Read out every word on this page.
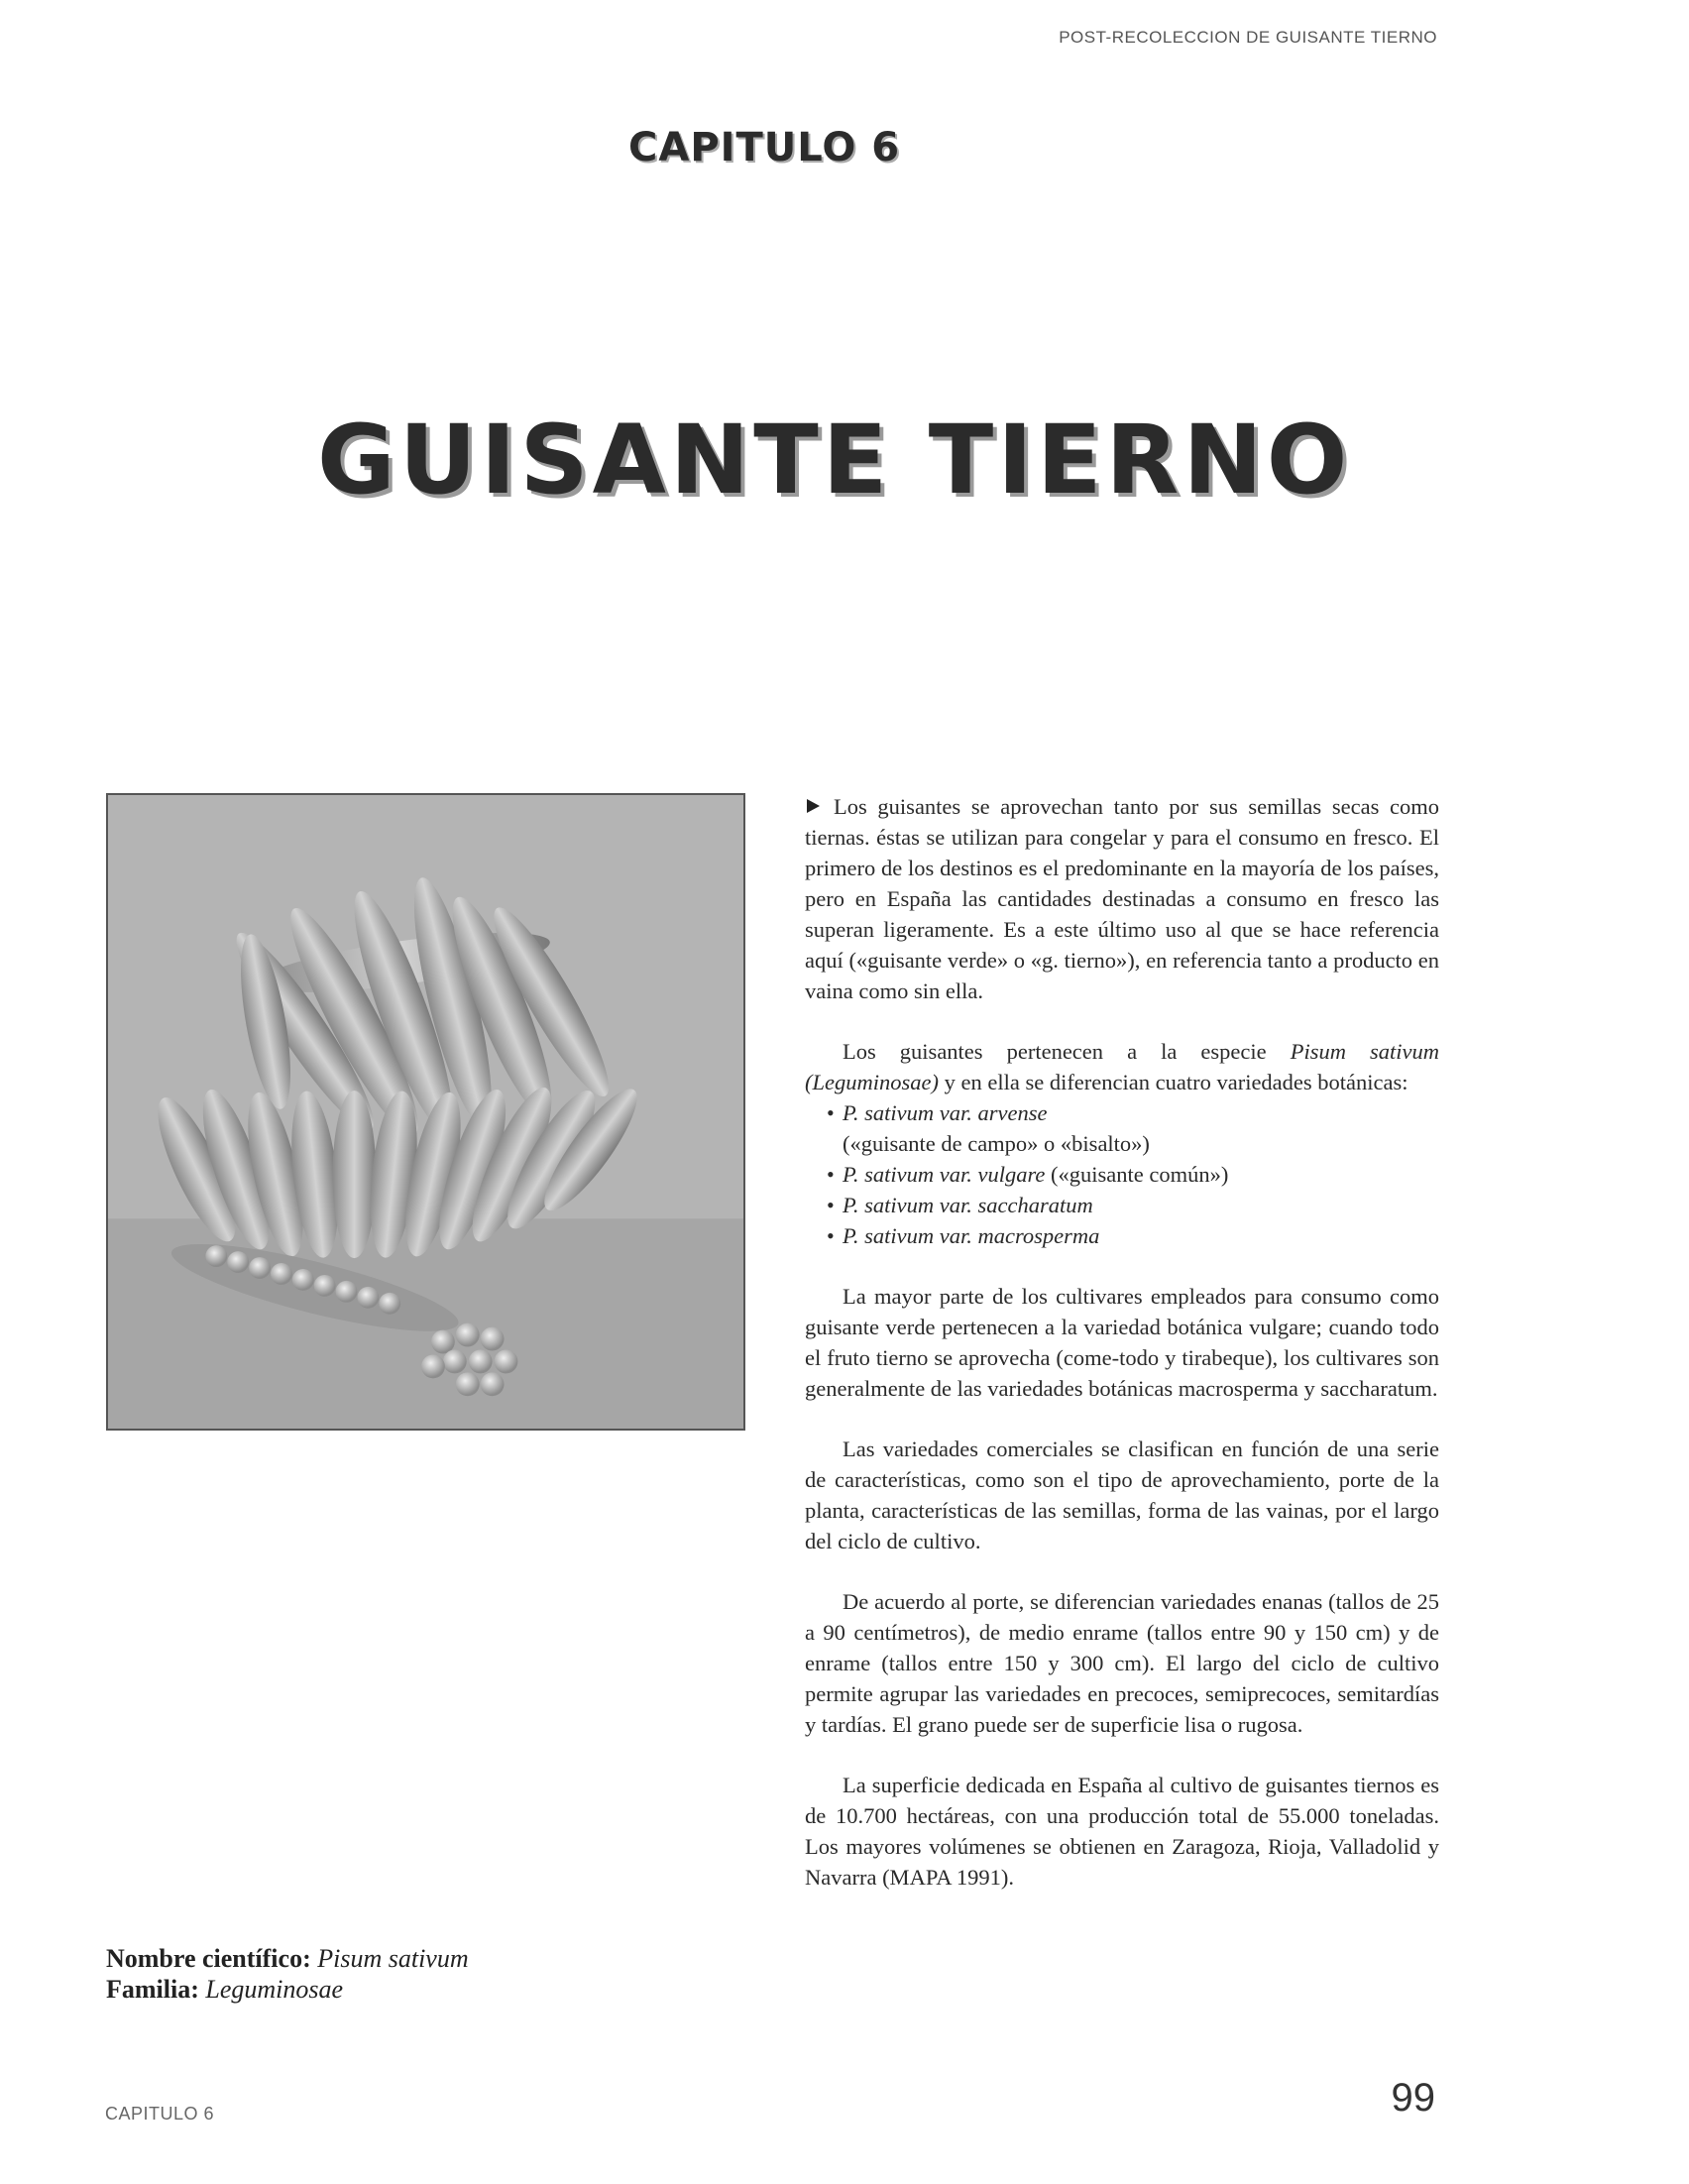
POST-RECOLECCION DE GUISANTE TIERNO
CAPITULO 6
GUISANTE TIERNO

Los guisantes se aprovechan tanto por sus semillas secas como tiernas. éstas se utilizan para congelar y para el consumo en fresco. El primero de los destinos es el predominante en la mayoría de los países, pero en España las cantidades destinadas a consumo en fresco las superan ligeramente. Es a este último uso al que se hace referencia aquí («guisante verde» o «g. tierno»), en referencia tanto a producto en vaina como sin ella.

Los guisantes pertenecen a la especie Pisum sativum (Leguminosae) y en ella se diferencian cuatro variedades botánicas:

• P. sativum var. arvense
(«guisante de campo» o «bisalto»)
• P. sativum var. vulgare («guisante común»)
• P. sativum var. saccharatum
• P. sativum var. macrosperma

La mayor parte de los cultivares empleados para consumo como guisante verde pertenecen a la variedad botánica vulgare; cuando todo el fruto tierno se aprovecha (come-todo y tirabeque), los cultivares son generalmente de las variedades botánicas macrosperma y saccharatum.

Las variedades comerciales se clasifican en función de una serie de características, como son el tipo de aprovechamiento, porte de la planta, características de las semillas, forma de las vainas, por el largo del ciclo de cultivo.

De acuerdo al porte, se diferencian variedades enanas (tallos de 25 a 90 centímetros), de medio enrame (tallos entre 90 y 150 cm) y de enrame (tallos entre 150 y 300 cm). El largo del ciclo de cultivo permite agrupar las variedades en precoces, semiprecoces, semitardías y tardías. El grano puede ser de superficie lisa o rugosa.

La superficie dedicada en España al cultivo de guisantes tiernos es de 10.700 hectáreas, con una producción total de 55.000 toneladas. Los mayores volúmenes se obtienen en Zaragoza, Rioja, Valladolid y Navarra (MAPA 1991).

Nombre científico: Pisum sativum
Familia: Leguminosae
CAPITULO 6	99
